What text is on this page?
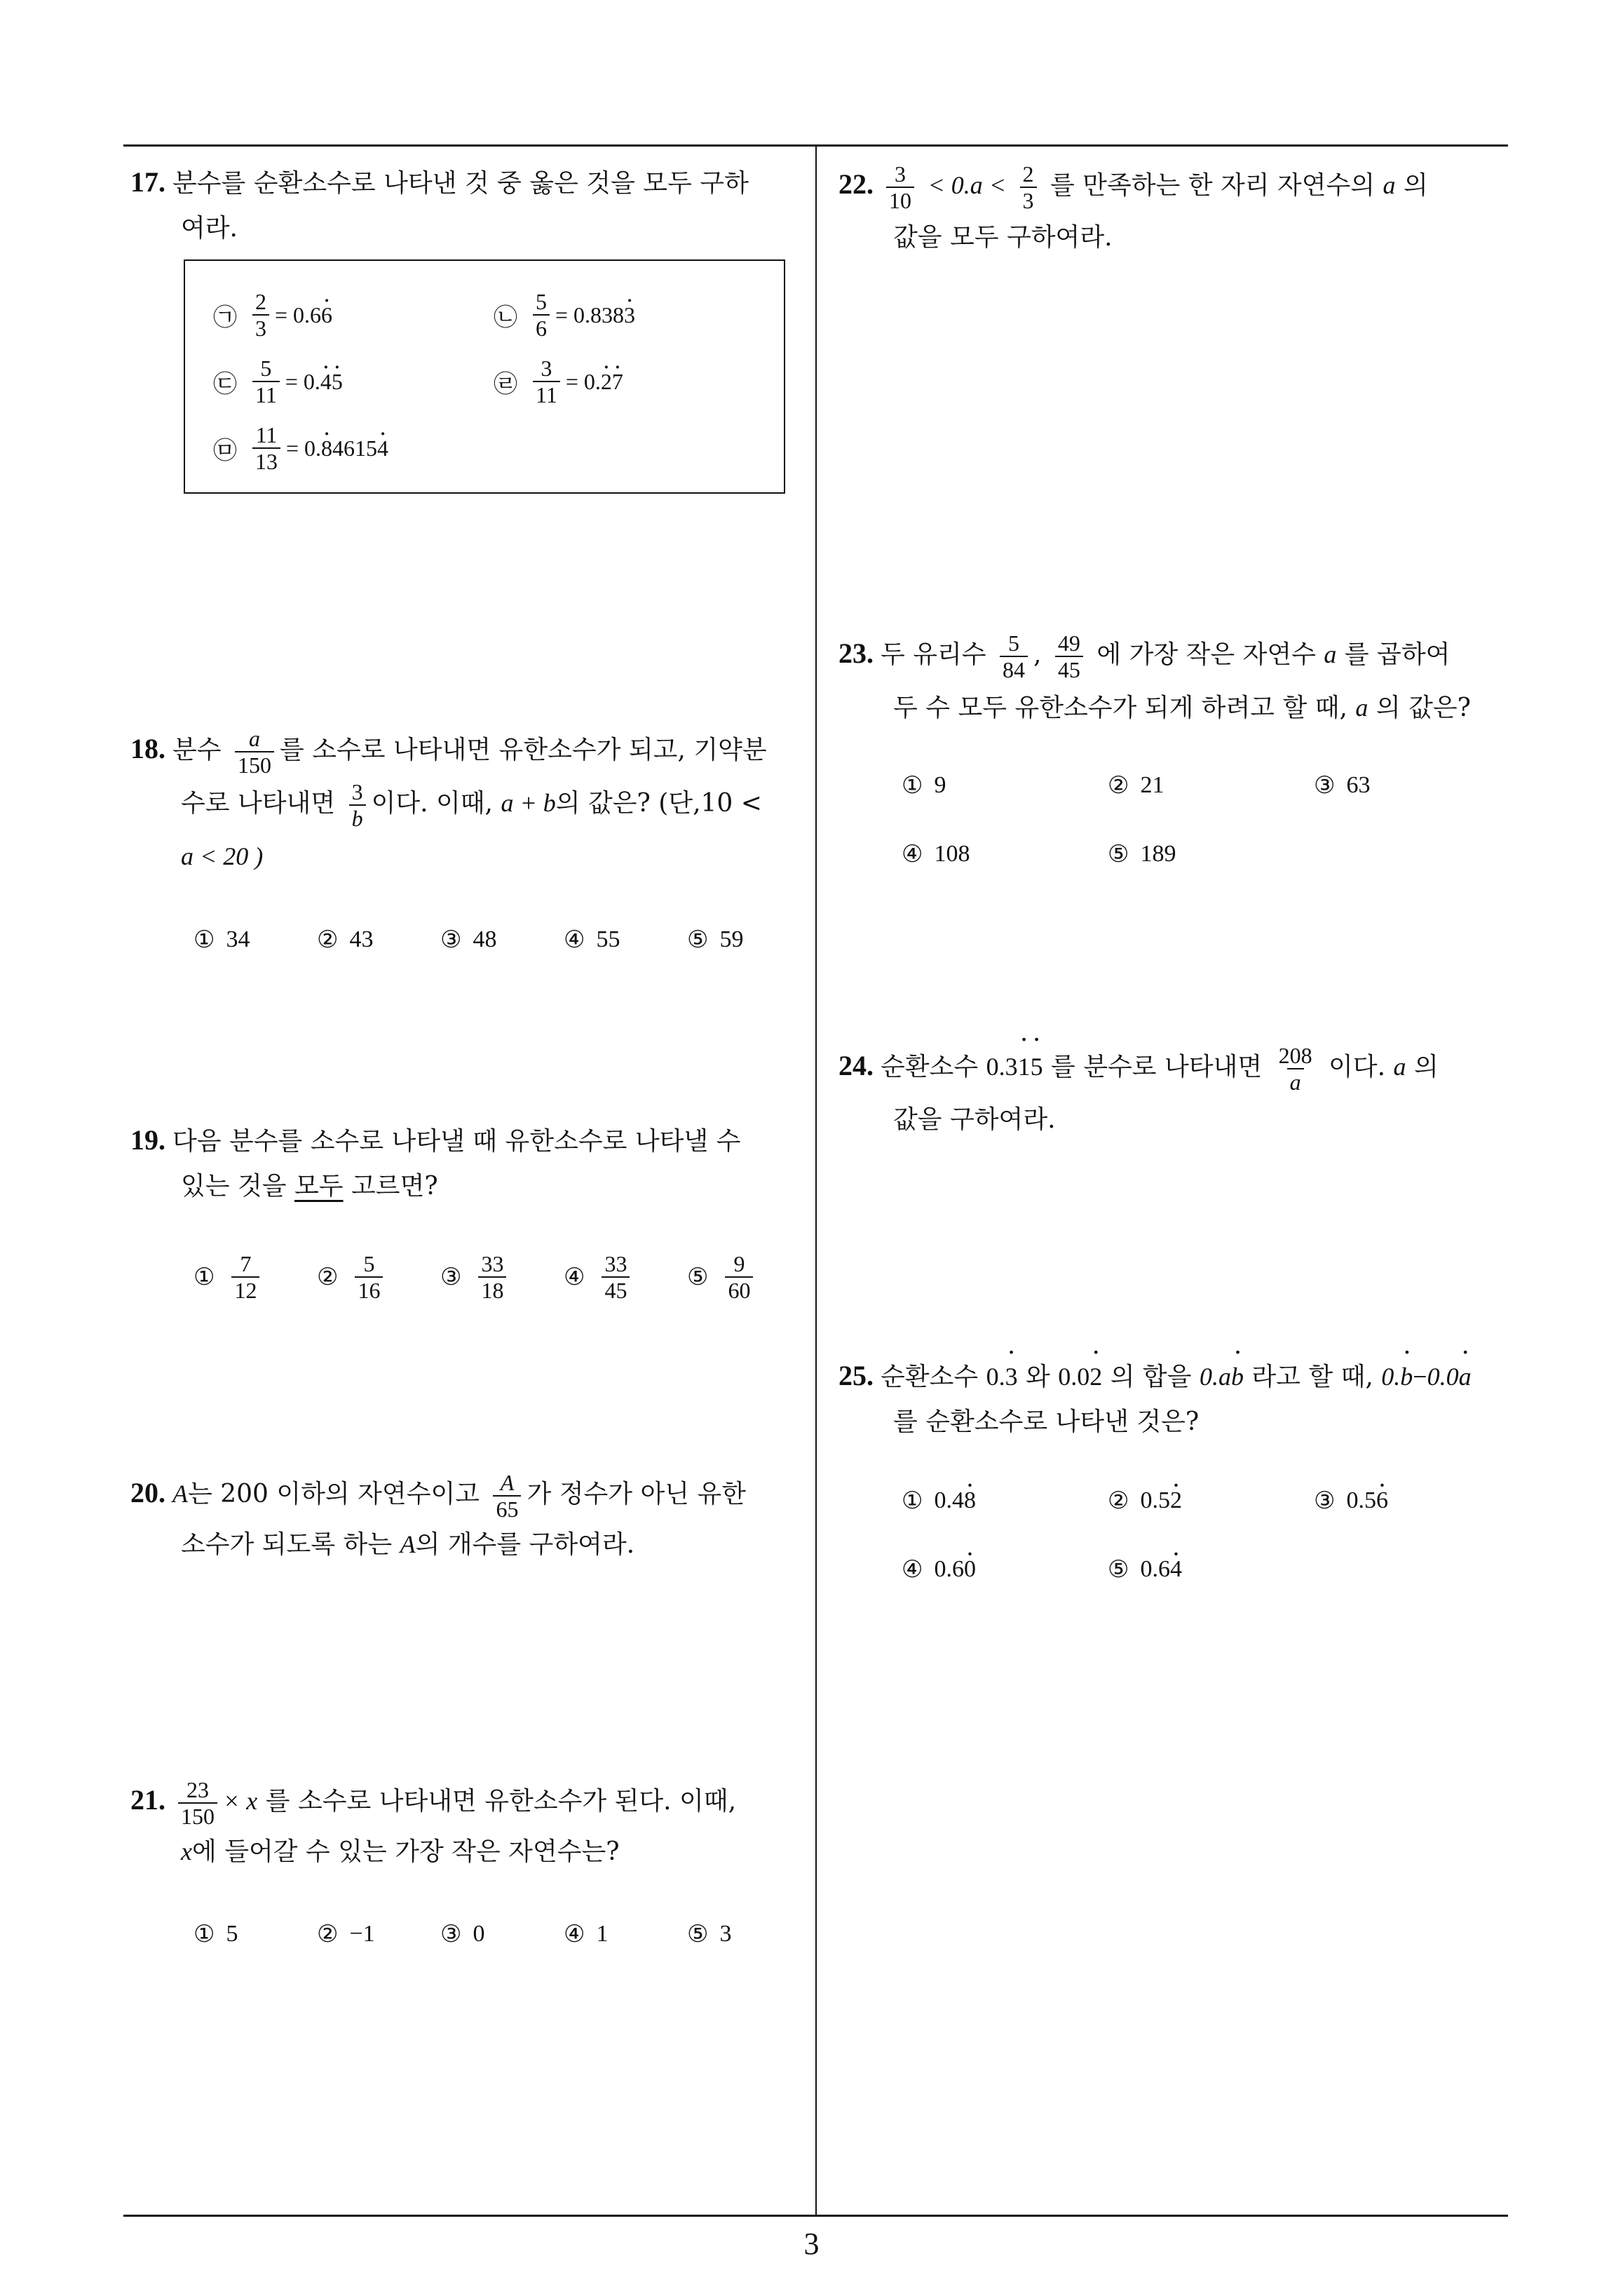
3
17. 분수를 순환소수로 나타낸 것 중 옳은 것을 모두 구하
여라.
㉠ $\frac{2}{3} = 0.6$ 6 ·	㉡ $\frac{5}{6} = 0.838$ 3 ·
㉢ $\frac{5}{11} = 0$. 4 · 5 ·	㉣ $\frac{3}{11} = 0$. 2 · 7 ·
㉤ $\frac{11}{13} = 0$. 8 · 4615 4 ·
18. 분수 $\frac{a}{150}$ 를 소수로 나타내면 유한소수가 되고, 기약분
수로 나타내면 $\frac{3}{b}$ 이다. 이때, a + b의 값은? (단,10 <
a < 20 )
① 34	② 43	③ 48	④ 55	⑤ 59
19. 다음 분수를 소수로 나타낼 때 유한소수로 나타낼 수
있는 것을 모두 고르면?
① $\frac{7}{12}$ ② $\frac{5}{16}$ ③ $\frac{33}{18}$ ④ $\frac{33}{45}$ ⑤ $\frac{9}{60}$
20. A는 200 이하의 자연수이고 $\frac{A}{65}$ 가 정수가 아닌 유한
소수가 되도록 하는 A의 개수를 구하여라.
21. $\frac{23}{150} \times x$ 를 소수로 나타내면 유한소수가 된다. 이때,
x에 들어갈 수 있는 가장 작은 자연수는?
① 5	② −1	③ 0	④ 1	⑤ 3
22. $\frac{3}{10} < 0.a < \frac{2}{3}$ 를 만족하는 한 자리 자연수의 a 의
값을 모두 구하여라.
23. 두 유리수 $\frac{5}{84}$ , $\frac{49}{45}$ 에 가장 작은 자연수 a 를 곱하여
두 수 모두 유한소수가 되게 하려고 할 때, a 의 값은?
① 9	② 21	③ 63
④ 108	⑤ 189
24. 순환소수 0.31 ·5 · 를 분수로 나타내면 $\frac{208}{a}$ 이다. a 의
값을 구하여라.
25. 순환소수 0.3 · 와 0.02 · 의 합을 0.ab · 라고 할 때, 0.b ·−0.0a ·
를 순환소수로 나타낸 것은?
① 0.4 8 ·	② 0.5 2 ·	③ 0.5 6 ·
④ 0.6 0 ·	⑤ 0.6 4 ·
